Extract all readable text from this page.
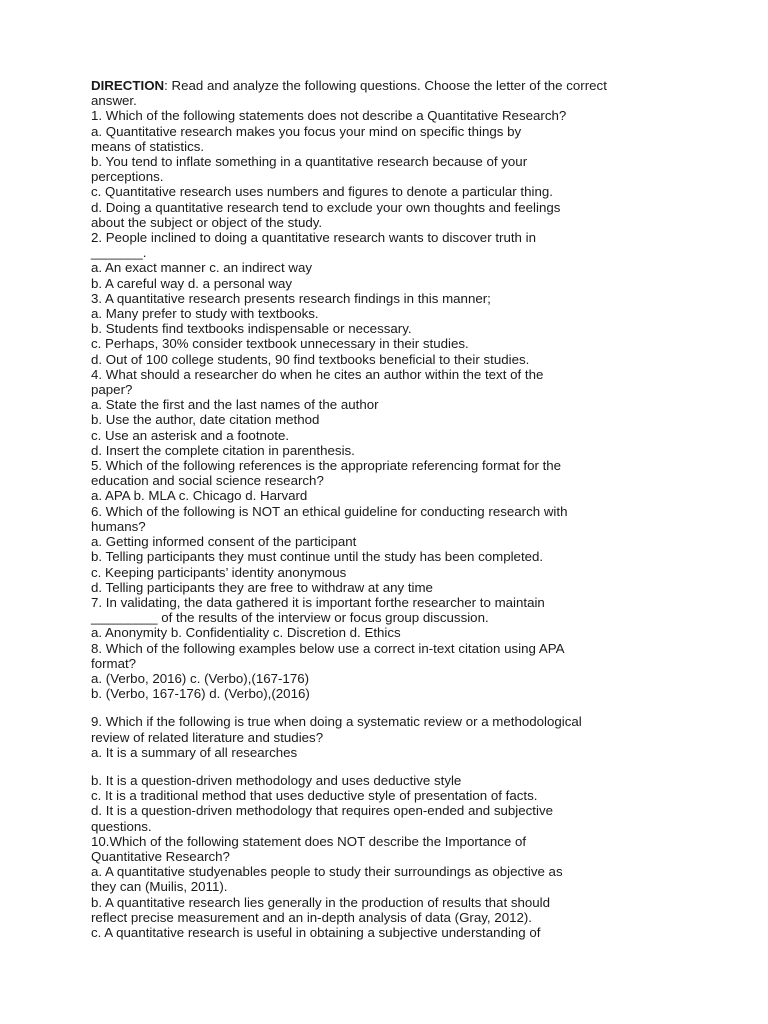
DIRECTION: Read and analyze the following questions. Choose the letter of the correct
answer.
1. Which of the following statements does not describe a Quantitative Research?
a. Quantitative research makes you focus your mind on specific things by
means of statistics.
b. You tend to inflate something in a quantitative research because of your
perceptions.
c. Quantitative research uses numbers and figures to denote a particular thing.
d. Doing a quantitative research tend to exclude your own thoughts and feelings
about the subject or object of the study.
2. People inclined to doing a quantitative research wants to discover truth in
_______.
a. An exact manner c. an indirect way
b. A careful way d. a personal way
3. A quantitative research presents research findings in this manner;
a. Many prefer to study with textbooks.
b. Students find textbooks indispensable or necessary.
c. Perhaps, 30% consider textbook unnecessary in their studies.
d. Out of 100 college students, 90 find textbooks beneficial to their studies.
4. What should a researcher do when he cites an author within the text of the
paper?
a. State the first and the last names of the author
b. Use the author, date citation method
c. Use an asterisk and a footnote.
d. Insert the complete citation in parenthesis.
5. Which of the following references is the appropriate referencing format for the
education and social science research?
a. APA b. MLA c. Chicago d. Harvard
6. Which of the following is NOT an ethical guideline for conducting research with
humans?
a. Getting informed consent of the participant
b. Telling participants they must continue until the study has been completed.
c. Keeping participants’ identity anonymous
d. Telling participants they are free to withdraw at any time
7. In validating, the data gathered it is important forthe researcher to maintain
_________ of the results of the interview or focus group discussion.
a. Anonymity b. Confidentiality c. Discretion d. Ethics
8. Which of the following examples below use a correct in-text citation using APA
format?
a. (Verbo, 2016) c. (Verbo),(167-176)
b. (Verbo, 167-176) d. (Verbo),(2016)
9. Which if the following is true when doing a systematic review or a methodological
review of related literature and studies?
a. It is a summary of all researches
b. It is a question-driven methodology and uses deductive style
c. It is a traditional method that uses deductive style of presentation of facts.
d. It is a question-driven methodology that requires open-ended and subjective
questions.
10.Which of the following statement does NOT describe the Importance of
Quantitative Research?
a. A quantitative studyenables people to study their surroundings as objective as
they can (Muilis, 2011).
b. A quantitative research lies generally in the production of results that should
reflect precise measurement and an in-depth analysis of data (Gray, 2012).
c. A quantitative research is useful in obtaining a subjective understanding of
